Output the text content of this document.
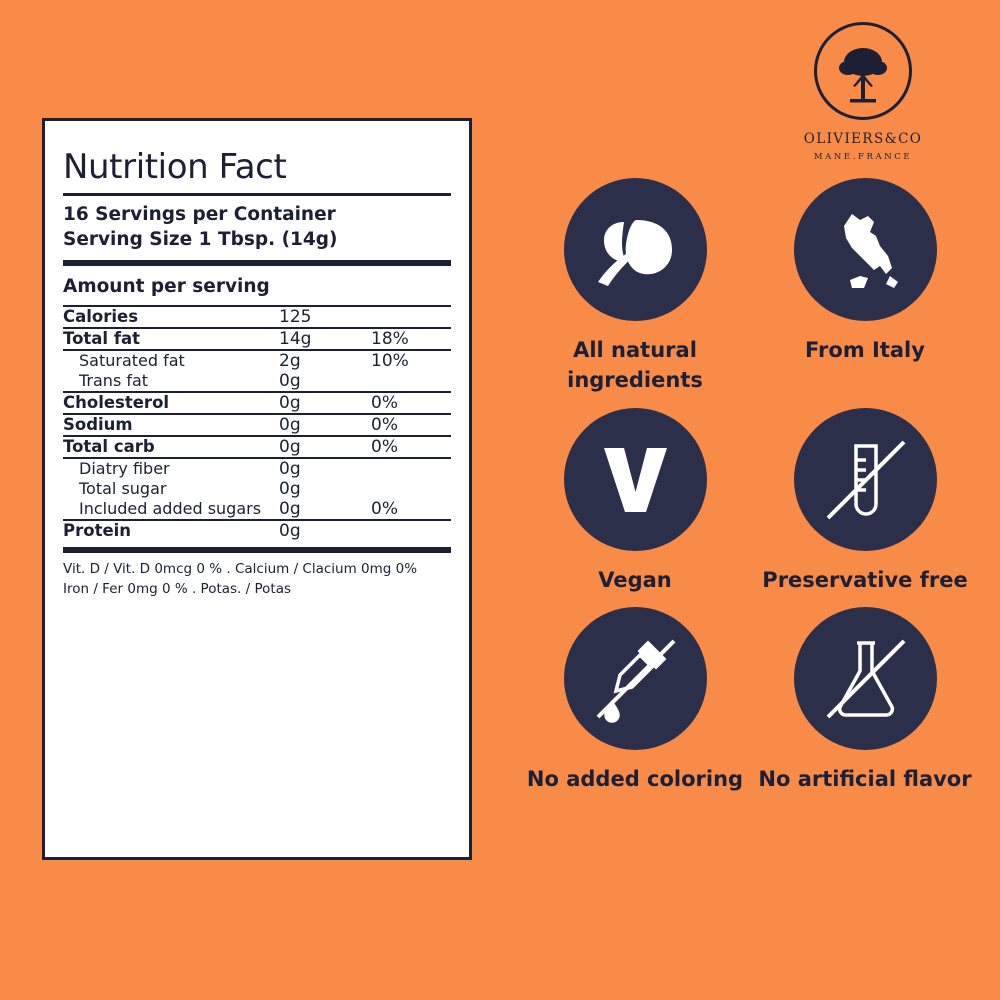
Nutrition Fact
16 Servings per Container
Serving Size 1 Tbsp. (14g)
Amount per serving
Calories	125	

Total fat	14g	18%

Saturated fat	2g	10%
Trans fat	0g	

Cholesterol	0g	0%

Sodium	0g	0%

Total carb	0g	0%

Diatry fiber	0g	
Total sugar	0g	
Included added sugars	0g	0%

Protein	0g	
Vit. D / Vit. D 0mcg 0 % . Calcium / Clacium 0mg 0%
Iron / Fer 0mg 0 % . Potas. / Potas
OLIVIERS&CO
MANE.FRANCE
All natural ingredients
From Italy
Vegan	Preservative free
No added coloring No artificial flavor
